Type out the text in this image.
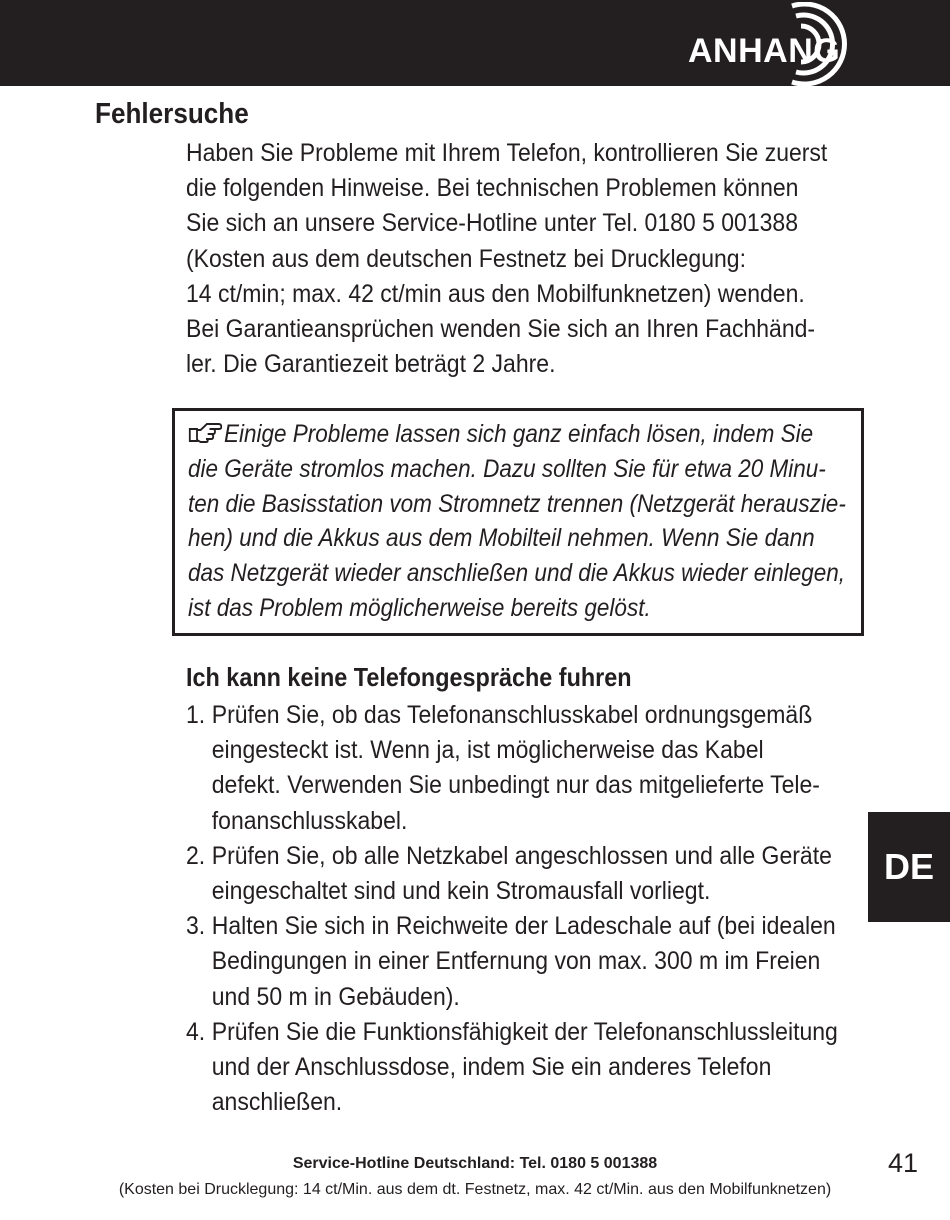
ANHANG
Fehlersuche
Haben Sie Probleme mit Ihrem Telefon, kontrollieren Sie zuerst
die folgenden Hinweise. Bei technischen Problemen können
Sie sich an unsere Service-Hotline unter Tel. 0180 5 001388
(Kosten aus dem deutschen Festnetz bei Drucklegung:
14 ct/min; max. 42 ct/min aus den Mobilfunknetzen) wenden.
Bei Garantieansprüchen wenden Sie sich an Ihren Fachhänd-
ler. Die Garantiezeit beträgt 2 Jahre.
Einige Probleme lassen sich ganz einfach lösen, indem Sie
die Geräte stromlos machen. Dazu sollten Sie für etwa 20 Minu-
ten die Basisstation vom Stromnetz trennen (Netzgerät herauszie-
hen) und die Akkus aus dem Mobilteil nehmen. Wenn Sie dann
das Netzgerät wieder anschließen und die Akkus wieder einlegen,
ist das Problem möglicherweise bereits gelöst.
Ich kann keine Telefongespräche fuhren
1. Prüfen Sie, ob das Telefonanschlusskabel ordnungsgemäß
eingesteckt ist. Wenn ja, ist möglicherweise das Kabel
defekt. Verwenden Sie unbedingt nur das mitgelieferte Tele-
fonanschlusskabel.
2. Prüfen Sie, ob alle Netzkabel angeschlossen und alle Geräte
eingeschaltet sind und kein Stromausfall vorliegt.
3. Halten Sie sich in Reichweite der Ladeschale auf (bei idealen
Bedingungen in einer Entfernung von max. 300 m im Freien
und 50 m in Gebäuden).
4. Prüfen Sie die Funktionsfähigkeit der Telefonanschlussleitung
und der Anschlussdose, indem Sie ein anderes Telefon
anschließen.
DE
41
Service-Hotline Deutschland: Tel. 0180 5 001388
(Kosten bei Drucklegung: 14 ct/Min. aus dem dt. Festnetz, max. 42 ct/Min. aus den Mobilfunknetzen)
